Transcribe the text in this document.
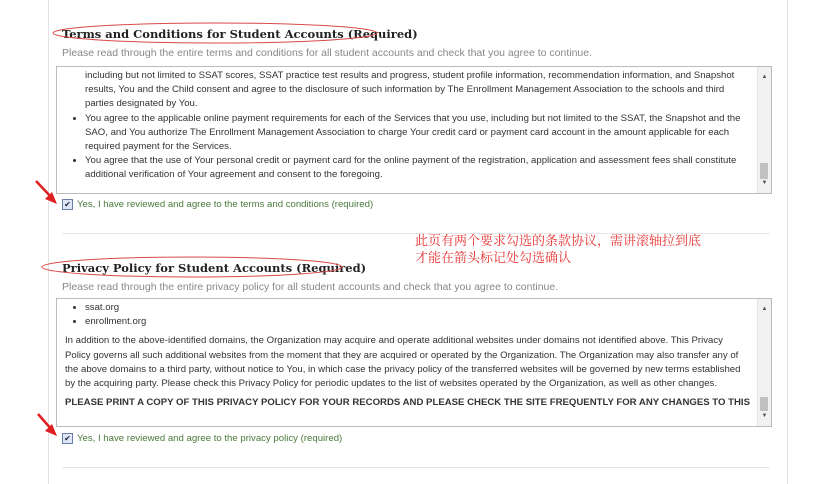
Terms and Conditions for Student Accounts (Required)
Please read through the entire terms and conditions for all student accounts and check that you agree to continue.
including but not limited to SSAT scores, SSAT practice test results and progress, student profile information, recommendation information, and Snapshot results, You and the Child consent and agree to the disclosure of such information by The Enrollment Management Association to the schools and third parties designated by You.
• You agree to the applicable online payment requirements for each of the Services that you use, including but not limited to the SSAT, the Snapshot and the SAO, and You authorize The Enrollment Management Association to charge Your credit card or payment card account in the amount applicable for each required payment for the Services.
• You agree that the use of Your personal credit or payment card for the online payment of the registration, application and assessment fees shall constitute additional verification of Your agreement and consent to the foregoing.
▲
▼
✔ Yes, I have reviewed and agree to the terms and conditions (required)
此页有两个要求勾选的条款协议，需讲滚轴拉到底
才能在箭头标记处勾选确认
Privacy Policy for Student Accounts (Required)
Please read through the entire privacy policy for all student accounts and check that you agree to continue.
• ssat.org
• enrollment.org
In addition to the above-identified domains, the Organization may acquire and operate additional websites under domains not identified above. This Privacy Policy governs all such additional websites from the moment that they are acquired or operated by the Organization. The Organization may also transfer any of the above domains to a third party, without notice to You, in which case the privacy policy of the transferred websites will be governed by new terms established by the acquiring party. Please check this Privacy Policy for periodic updates to the list of websites operated by the Organization, as well as other changes.
PLEASE PRINT A COPY OF THIS PRIVACY POLICY FOR YOUR RECORDS AND PLEASE CHECK THE SITE FREQUENTLY FOR ANY CHANGES TO THIS
▲
▼
✔ Yes, I have reviewed and agree to the privacy policy (required)
